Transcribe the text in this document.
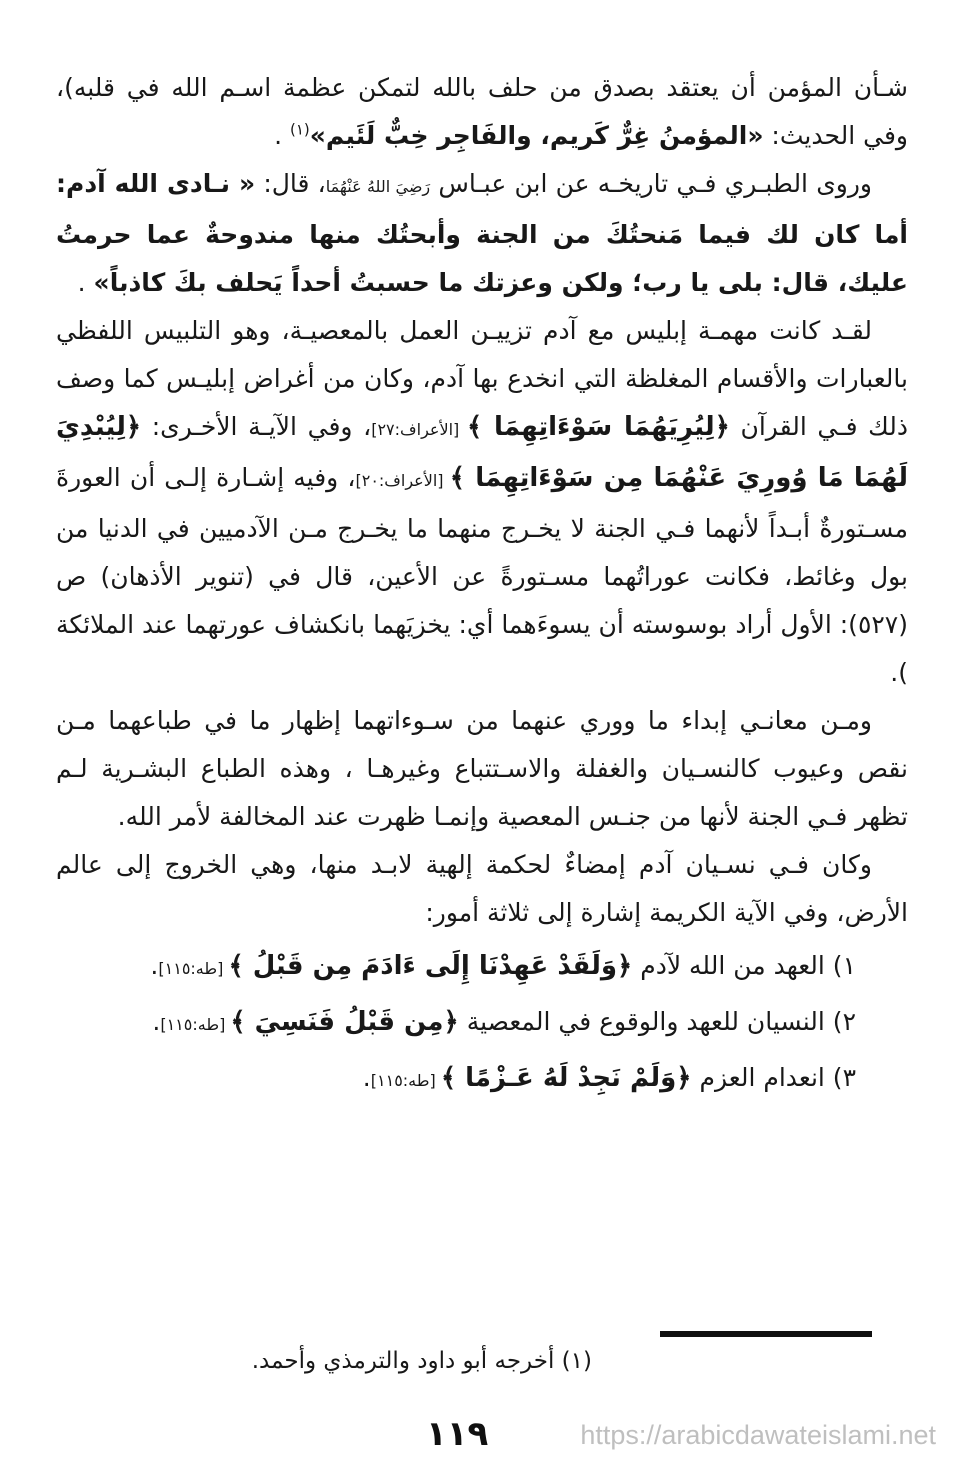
شـأن المؤمن أن يعتقد بصدق من حلف بالله لتمكن عظمة اسـم الله في قلبه)، وفي الحديث: «المؤمنُ غِرٌّ كَريم، والفَاجِر خِبٌّ لَئَيم»$^{(١)}$ .

وروى الطبـري فـي تاريخـه عن ابن عبـاس رَضِيَ اللهُ عَنْهُمَا، قال: « نـادى الله آدم: أما كان لك فيما مَنحتُكَ من الجنة وأبحتُك منها مندوحةٌ عما حرمتُ عليك، قال: بلى يا رب؛ ولكن وعزتك ما حسبتُ أحداً يَحلف بكَ كاذباً» .

لقـد كانت مهمـة إبليس مع آدم تزييـن العمل بالمعصيـة، وهو التلبيس اللفظي بالعبارات والأقسام المغلظة التي انخدع بها آدم، وكان من أغراض إبليـس كما وصف ذلك فـي القرآن ﴿لِيُرِيَهُمَا سَوْءَاتِهِمَا ﴾ [الأعراف:٢٧]، وفي الآيـة الأخـرى: ﴿لِيُبْدِيَ لَهُمَا مَا وُورِيَ عَنْهُمَا مِن سَوْءَاتِهِمَا ﴾ [الأعراف:٢٠]، وفيه إشـارة إلـى أن العورةَ مسـتورةٌ أبـداً لأنهما فـي الجنة لا يخـرج منهما ما يخـرج مـن الآدميين في الدنيا من بول وغائط، فكانت عوراتُهما مسـتورةً عن الأعين، قال في (تنوير الأذهان) ص (٥٢٧): الأول أراد بوسوسته أن يسوءَهما أي: يخزيَهما بانكشاف عورتهما عند الملائكة ).

ومـن معانـي إبداء ما ووري عنهما من سـوءاتهما إظهار ما في طباعهما مـن نقص وعيوب كالنسـيان والغفلة والاسـتتباع وغيرهـا ، وهذه الطباع البشـرية لـم تظهر فـي الجنة لأنها من جنـس المعصية وإنمـا ظهرت عند المخالفة لأمر الله.

وكان فـي نسـيان آدم إمضاءٌ لحكمة إلهية لابـد منها، وهي الخروج إلى عالم الأرض، وفي الآية الكريمة إشارة إلى ثلاثة أمور:

١) العهد من الله لآدم ﴿وَلَقَدْ عَهِدْنَا إِلَى ءَادَمَ مِن قَبْلُ ﴾ [طه:١١٥].

٢) النسيان للعهد والوقوع في المعصية ﴿مِن قَبْلُ فَنَسِيَ ﴾ [طه:١١٥].

٣) انعدام العزم ﴿وَلَمْ نَجِدْ لَهُ عَـزْمًا ﴾ [طه:١١٥].

(١) أخرجه أبو داود والترمذي وأحمد.
١١٩	https://arabicdawateislami.net
